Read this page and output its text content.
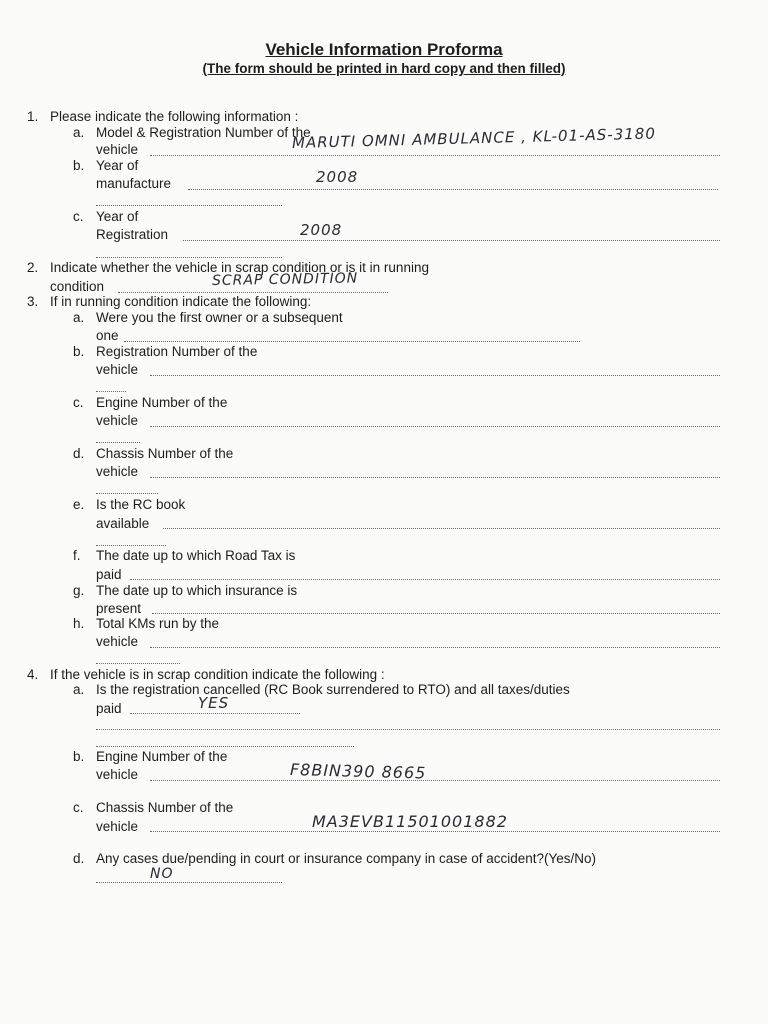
Vehicle Information Proforma
(The form should be printed in hard copy and then filled)
1. Please indicate the following information :
a. Model & Registration Number of the
vehicle	MARUTI OMNI AMBULANCE , KL-01-AS-3180
b. Year of
manufacture	2008
c. Year of
Registration	2008
2. Indicate whether the vehicle in scrap condition or is it in running
condition	SCRAP CONDITION
3. If in running condition indicate the following:
a. Were you the first owner or a subsequent
one
b. Registration Number of the
vehicle
c. Engine Number of the
vehicle
d. Chassis Number of the
vehicle
e. Is the RC book
available
f. The date up to which Road Tax is
paid
g. The date up to which insurance is
present
h. Total KMs run by the
vehicle
4. If the vehicle is in scrap condition indicate the following :
a. Is the registration cancelled (RC Book surrendered to RTO) and all taxes/duties
paid	YES
b. Engine Number of the
vehicle	F8BIN390 8665
c. Chassis Number of the
vehicle	MA3EVB11501001882
d. Any cases due/pending in court or insurance company in case of accident?(Yes/No)
NO
